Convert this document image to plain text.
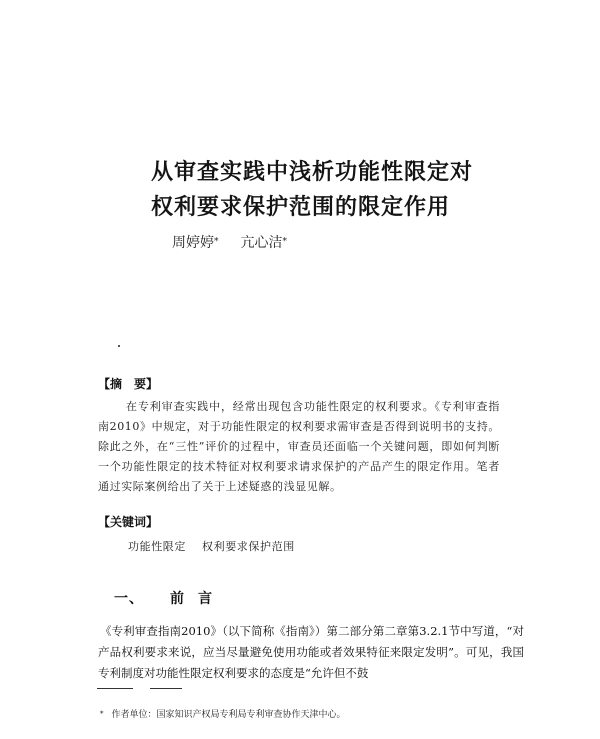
从审查实践中浅析功能性限定对
权利要求保护范围的限定作用
周婷婷* 亢心洁*
【摘　要】
在专利审查实践中，经常出现包含功能性限定的权利要求。《专利审查指南2010》中规定，对于功能性限定的权利要求需审查是否得到说明书的支持。除此之外，在“三性”评价的过程中，审查员还面临一个关键问题，即如何判断一个功能性限定的技术特征对权利要求请求保护的产品产生的限定作用。笔者通过实际案例给出了关于上述疑惑的浅显见解。
【关键词】
功能性限定 权利要求保护范围
一、 前　言
《专利审查指南2010》（以下简称《指南》）第二部分第二章第3.2.1节中写道，“对产品权利要求来说，应当尽量避免使用功能或者效果特征来限定发明”。可见，我国专利制度对功能性限定权利要求的态度是“允许但不鼓
* 作者单位：国家知识产权局专利局专利审查协作天津中心。
